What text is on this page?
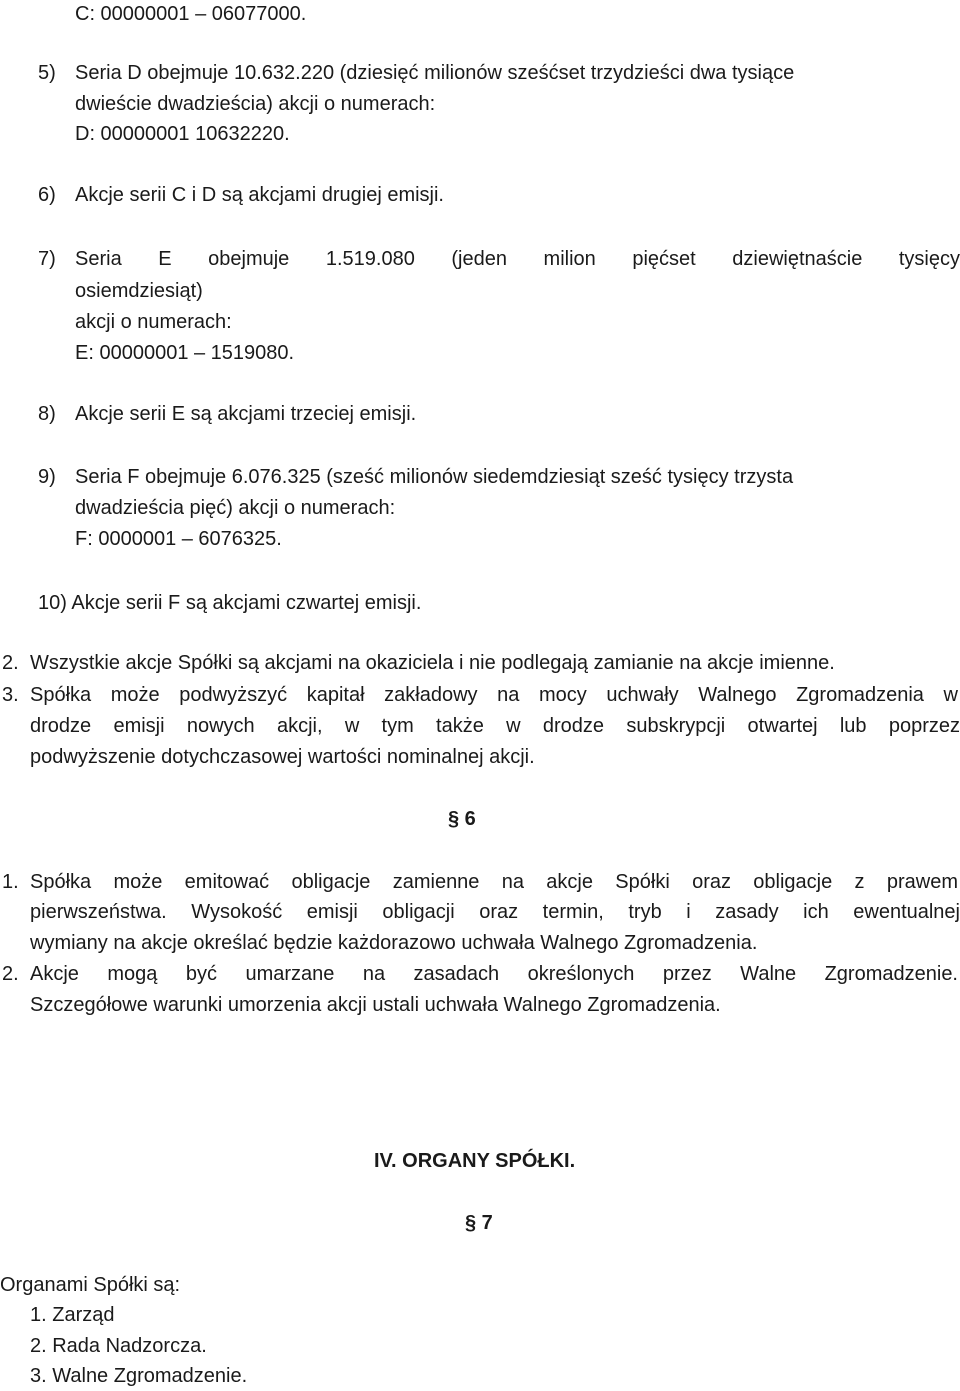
C: 00000001 – 06077000.
5) Seria D obejmuje 10.632.220 (dziesięć milionów sześćset trzydzieści dwa tysiące
dwieście dwadzieścia) akcji o numerach:
D: 00000001 10632220.
6) Akcje serii C i D są akcjami drugiej emisji.
7) Seria E obejmuje 1.519.080 (jeden milion pięćset dziewiętnaście tysięcy
osiemdziesiąt)
akcji o numerach:
E: 00000001 – 1519080.
8) Akcje serii E są akcjami trzeciej emisji.
9) Seria F obejmuje 6.076.325 (sześć milionów siedemdziesiąt sześć tysięcy trzysta
dwadzieścia pięć) akcji o numerach:
F: 0000001 – 6076325.
10) Akcje serii F są akcjami czwartej emisji.
2. Wszystkie akcje Spółki są akcjami na okaziciela i nie podlegają zamianie na akcje imienne.
3. Spółka może podwyższyć kapitał zakładowy na mocy uchwały Walnego Zgromadzenia w
drodze emisji nowych akcji, w tym także w drodze subskrypcji otwartej lub poprzez
podwyższenie dotychczasowej wartości nominalnej akcji.
§ 6
1. Spółka może emitować obligacje zamienne na akcje Spółki oraz obligacje z prawem
pierwszeństwa. Wysokość emisji obligacji oraz termin, tryb i zasady ich ewentualnej
wymiany na akcje określać będzie każdorazowo uchwała Walnego Zgromadzenia.
2. Akcje mogą być umarzane na zasadach określonych przez Walne Zgromadzenie.
Szczegółowe warunki umorzenia akcji ustali uchwała Walnego Zgromadzenia.
IV. ORGANY SPÓŁKI.
§ 7
Organami Spółki są:
1. Zarząd
2. Rada Nadzorcza.
3. Walne Zgromadzenie.
